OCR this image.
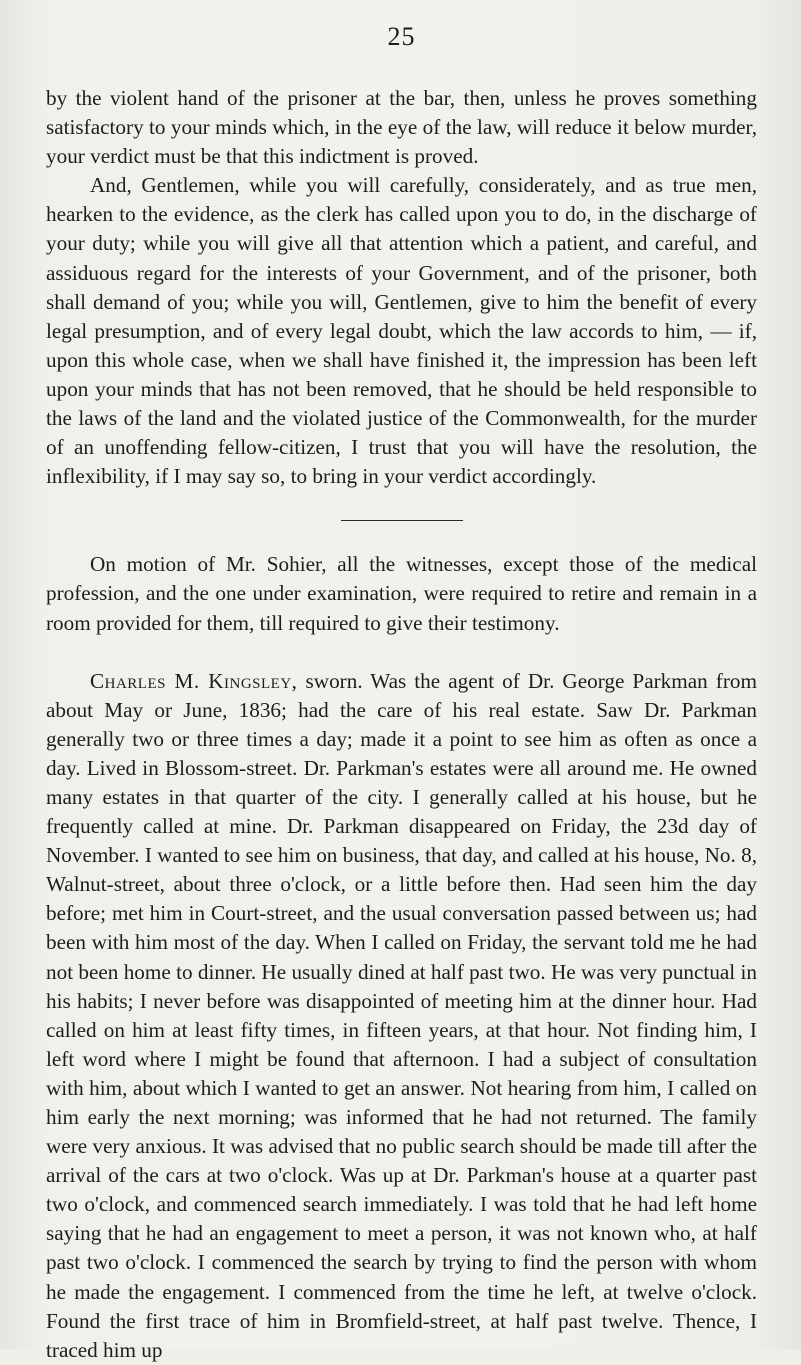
25

by the violent hand of the prisoner at the bar, then, unless he proves something satisfactory to your minds which, in the eye of the law, will reduce it below murder, your verdict must be that this indictment is proved.

And, Gentlemen, while you will carefully, considerately, and as true men, hearken to the evidence, as the clerk has called upon you to do, in the discharge of your duty; while you will give all that attention which a patient, and careful, and assiduous regard for the interests of your Government, and of the prisoner, both shall demand of you; while you will, Gentlemen, give to him the benefit of every legal presumption, and of every legal doubt, which the law accords to him, — if, upon this whole case, when we shall have finished it, the impression has been left upon your minds that has not been removed, that he should be held responsible to the laws of the land and the violated justice of the Commonwealth, for the murder of an unoffending fellow-citizen, I trust that you will have the resolution, the inflexibility, if I may say so, to bring in your verdict accordingly.

On motion of Mr. Sohier, all the witnesses, except those of the medical profession, and the one under examination, were required to retire and remain in a room provided for them, till required to give their testimony.

Charles M. Kingsley, sworn. Was the agent of Dr. George Parkman from about May or June, 1836; had the care of his real estate. Saw Dr. Parkman generally two or three times a day; made it a point to see him as often as once a day. Lived in Blossom-street. Dr. Parkman's estates were all around me. He owned many estates in that quarter of the city. I generally called at his house, but he frequently called at mine. Dr. Parkman disappeared on Friday, the 23d day of November. I wanted to see him on business, that day, and called at his house, No. 8, Walnut-street, about three o'clock, or a little before then. Had seen him the day before; met him in Court-street, and the usual conversation passed between us; had been with him most of the day. When I called on Friday, the servant told me he had not been home to dinner. He usually dined at half past two. He was very punctual in his habits; I never before was disappointed of meeting him at the dinner hour. Had called on him at least fifty times, in fifteen years, at that hour. Not finding him, I left word where I might be found that afternoon. I had a subject of consultation with him, about which I wanted to get an answer. Not hearing from him, I called on him early the next morning; was informed that he had not returned. The family were very anxious. It was advised that no public search should be made till after the arrival of the cars at two o'clock. Was up at Dr. Parkman's house at a quarter past two o'clock, and commenced search immediately. I was told that he had left home saying that he had an engagement to meet a person, it was not known who, at half past two o'clock. I commenced the search by trying to find the person with whom he made the engagement. I commenced from the time he left, at twelve o'clock. Found the first trace of him in Bromfield-street, at half past twelve. Thence, I traced him up
